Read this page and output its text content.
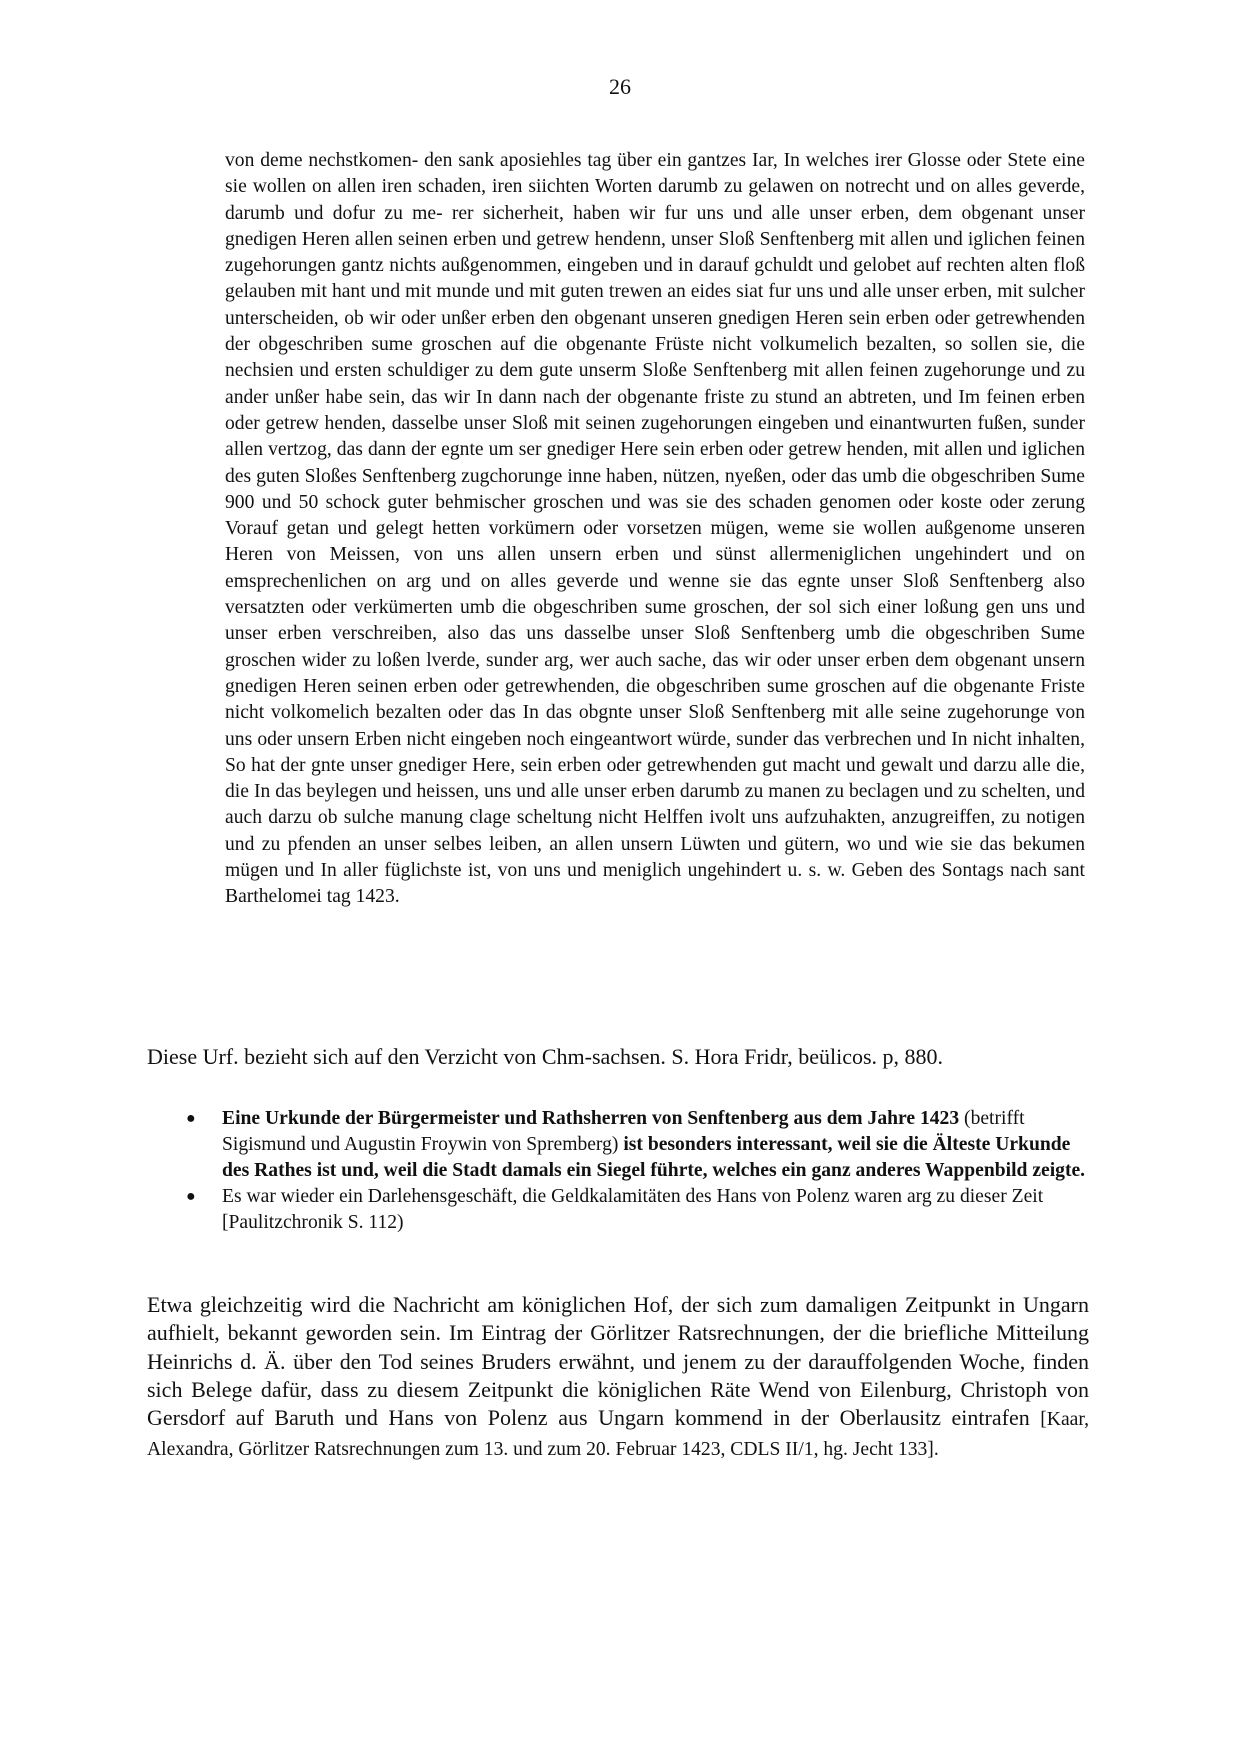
26
von deme nechstkomen- den sank aposiehles tag über ein gantzes Iar, In welches irer Glosse oder Stete eine sie wollen on allen iren schaden, iren siichten Worten darumb zu gelawen on notrecht und on alles geverde, darumb und dofur zu me- rer sicherheit, haben wir fur uns und alle unser erben, dem obgenant unser gnedigen Heren allen seinen erben und getrew hendenn, unser Sloß Senftenberg mit allen und iglichen feinen zugehorungen gantz nichts außgenommen, eingeben und in darauf gchuldt und gelobet auf rechten alten floß gelauben mit hant und mit munde und mit guten trewen an eides siat fur uns und alle unser erben, mit sulcher unterscheiden, ob wir oder unßer erben den obgenant unseren gnedigen Heren sein erben oder getrewhenden der obgeschriben sume groschen auf die obgenante Früste nicht volkumelich bezalten, so sollen sie, die nechsien und ersten schuldiger zu dem gute unserm Sloße Senftenberg mit allen feinen zugehorunge und zu ander unßer habe sein, das wir In dann nach der obgenante friste zu stund an abtreten, und Im feinen erben oder getrew henden, dasselbe unser Sloß mit seinen zugehorungen eingeben und einantwurten fußen, sunder allen vertzog, das dann der egnte um ser gnediger Here sein erben oder getrew henden, mit allen und iglichen des guten Sloßes Senftenberg zugchorunge inne haben, nützen, nyeßen, oder das umb die obgeschriben Sume 900 und 50 schock guter behmischer groschen und was sie des schaden genomen oder koste oder zerung Vorauf getan und gelegt hetten vorkümern oder vorsetzen mügen, weme sie wollen außgenome unseren Heren von Meissen, von uns allen unsern erben und sünst allermeniglichen ungehindert und on emsprechenlichen on arg und on alles geverde und wenne sie das egnte unser Sloß Senftenberg also versatzten oder verkümerten umb die obgeschriben sume groschen, der sol sich einer loßung gen uns und unser erben verschreiben, also das uns dasselbe unser Sloß Senftenberg umb die obgeschriben Sume groschen wider zu loßen lverde, sunder arg, wer auch sache, das wir oder unser erben dem obgenant unsern gnedigen Heren seinen erben oder getrewhenden, die obgeschriben sume groschen auf die obgenante Friste nicht volkomelich bezalten oder das In das obgnte unser Sloß Senftenberg mit alle seine zugehorunge von uns oder unsern Erben nicht eingeben noch eingeantwort würde, sunder das verbrechen und In nicht inhalten, So hat der gnte unser gnediger Here, sein erben oder getrewhenden gut macht und gewalt und darzu alle die, die In das beylegen und heissen, uns und alle unser erben darumb zu manen zu beclagen und zu schelten, und auch darzu ob sulche manung clage scheltung nicht Helffen ivolt uns aufzuhakten, anzugreiffen, zu notigen und zu pfenden an unser selbes leiben, an allen unsern Lüwten und gütern, wo und wie sie das bekumen mügen und In aller füglichste ist, von uns und meniglich ungehindert u. s. w. Geben des Sontags nach sant Barthelomei tag 1423.
Diese Urf. bezieht sich auf den Verzicht von Chm-sachsen. S. Hora Fridr, beülicos. p, 880.
● Eine Urkunde der Bürgermeister und Rathsherren von Senftenberg aus dem Jahre 1423 (betrifft Sigismund und Augustin Froywin von Spremberg) ist besonders interessant, weil sie die Älteste Urkunde des Rathes ist und, weil die Stadt damals ein Siegel führte, welches ein ganz anderes Wappenbild zeigte.
● Es war wieder ein Darlehensgeschäft, die Geldkalamitäten des Hans von Polenz waren arg zu dieser Zeit [Paulitzchronik S. 112)
Etwa gleichzeitig wird die Nachricht am königlichen Hof, der sich zum damaligen Zeitpunkt in Ungarn aufhielt, bekannt geworden sein. Im Eintrag der Görlitzer Ratsrechnungen, der die briefliche Mitteilung Heinrichs d. Ä. über den Tod seines Bruders erwähnt, und jenem zu der darauffolgenden Woche, finden sich Belege dafür, dass zu diesem Zeitpunkt die königlichen Räte Wend von Eilenburg, Christoph von Gersdorf auf Baruth und Hans von Polenz aus Ungarn kommend in der Oberlausitz eintrafen [Kaar, Alexandra, Görlitzer Ratsrechnungen zum 13. und zum 20. Februar 1423, CDLS II/1, hg. Jecht 133].
